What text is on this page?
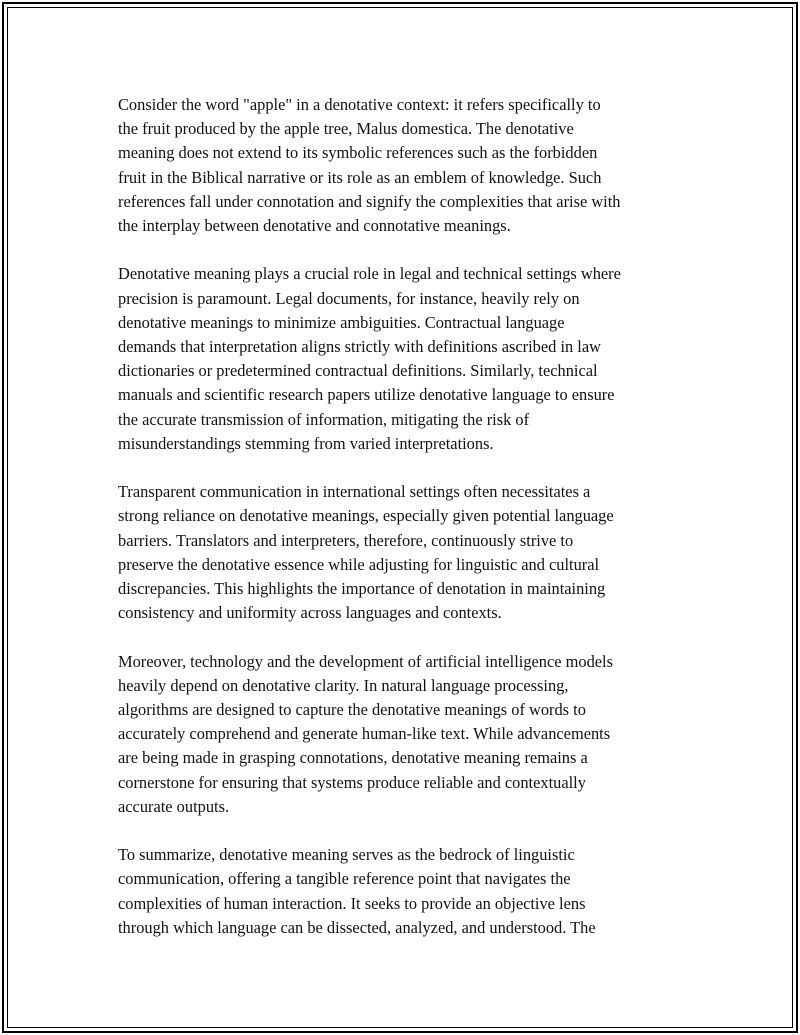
Consider the word "apple" in a denotative context: it refers specifically to
the fruit produced by the apple tree, Malus domestica. The denotative
meaning does not extend to its symbolic references such as the forbidden
fruit in the Biblical narrative or its role as an emblem of knowledge. Such
references fall under connotation and signify the complexities that arise with
the interplay between denotative and connotative meanings.

Denotative meaning plays a crucial role in legal and technical settings where
precision is paramount. Legal documents, for instance, heavily rely on
denotative meanings to minimize ambiguities. Contractual language
demands that interpretation aligns strictly with definitions ascribed in law
dictionaries or predetermined contractual definitions. Similarly, technical
manuals and scientific research papers utilize denotative language to ensure
the accurate transmission of information, mitigating the risk of
misunderstandings stemming from varied interpretations.

Transparent communication in international settings often necessitates a
strong reliance on denotative meanings, especially given potential language
barriers. Translators and interpreters, therefore, continuously strive to
preserve the denotative essence while adjusting for linguistic and cultural
discrepancies. This highlights the importance of denotation in maintaining
consistency and uniformity across languages and contexts.

Moreover, technology and the development of artificial intelligence models
heavily depend on denotative clarity. In natural language processing,
algorithms are designed to capture the denotative meanings of words to
accurately comprehend and generate human-like text. While advancements
are being made in grasping connotations, denotative meaning remains a
cornerstone for ensuring that systems produce reliable and contextually
accurate outputs.

To summarize, denotative meaning serves as the bedrock of linguistic
communication, offering a tangible reference point that navigates the
complexities of human interaction. It seeks to provide an objective lens
through which language can be dissected, analyzed, and understood. The
